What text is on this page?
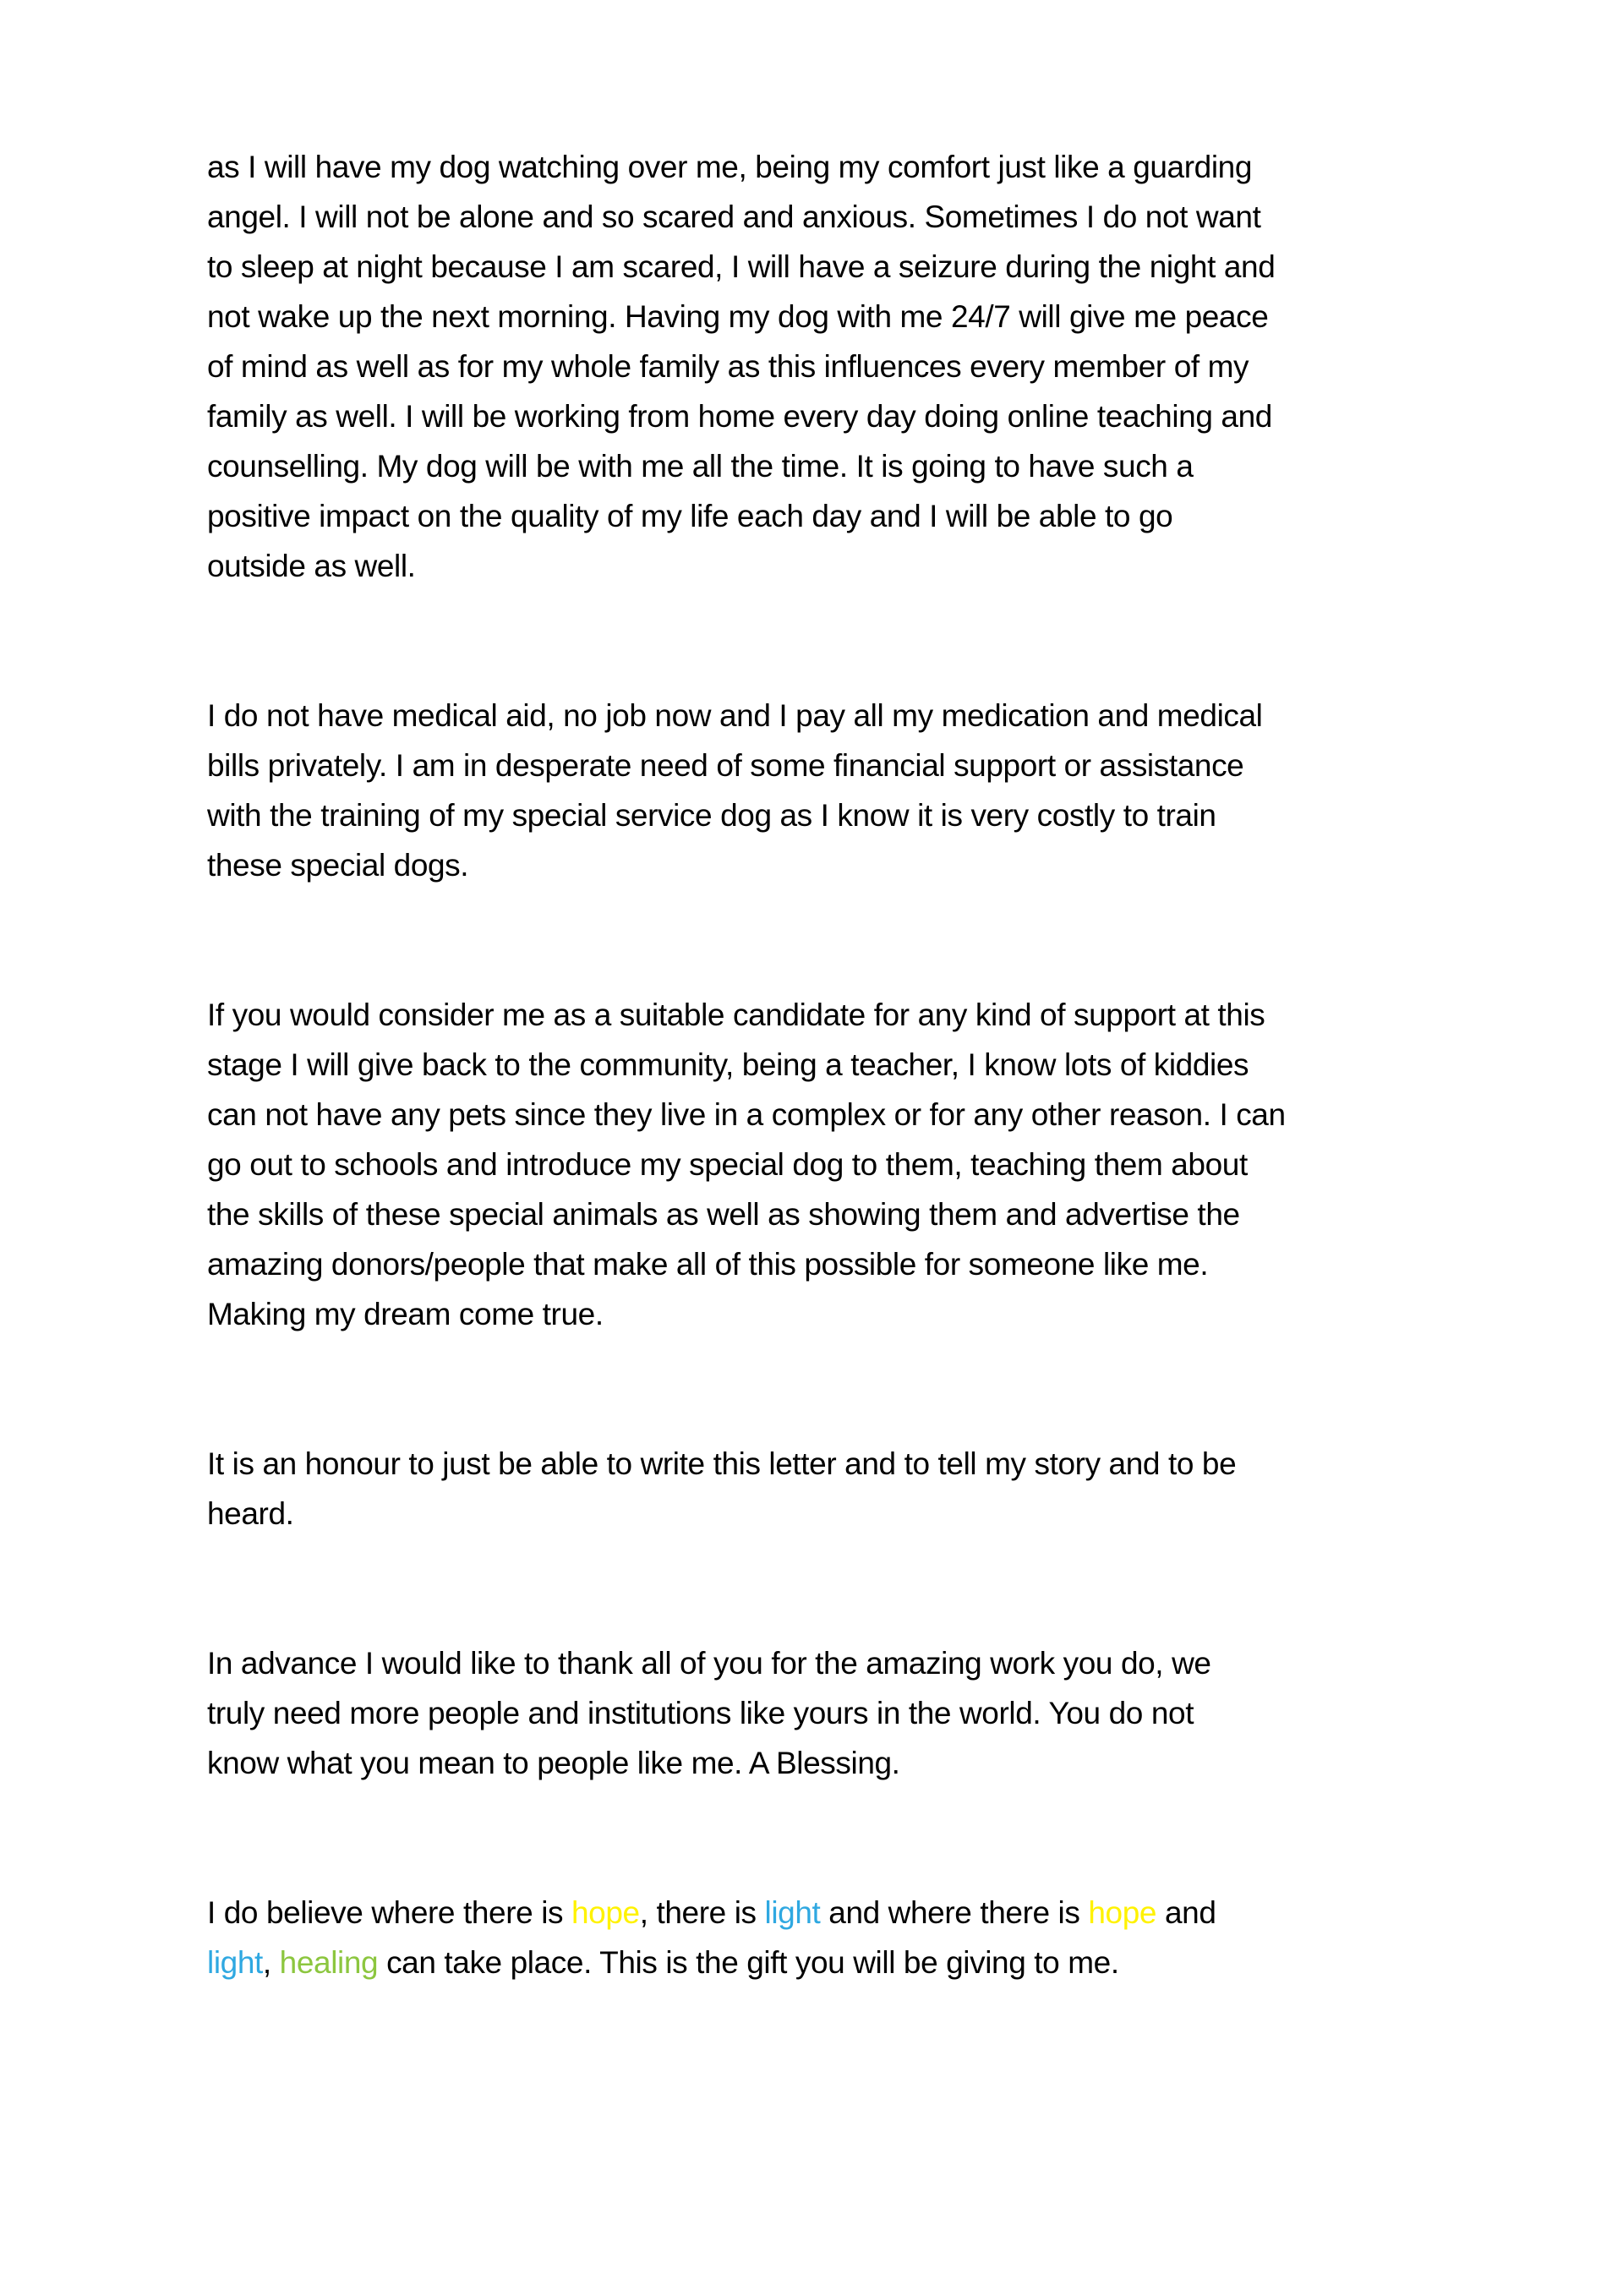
as I will have my dog watching over me, being my comfort just like a guarding
angel. I will not be alone and so scared and anxious. Sometimes I do not want
to sleep at night because I am scared, I will have a seizure during the night and
not wake up the next morning. Having my dog with me 24/7 will give me peace
of mind as well as for my whole family as this influences every member of my
family as well. I will be working from home every day doing online teaching and
counselling. My dog will be with me all the time. It is going to have such a
positive impact on the quality of my life each day and I will be able to go
outside as well.
I do not have medical aid, no job now and I pay all my medication and medical
bills privately. I am in desperate need of some financial support or assistance
with the training of my special service dog as I know it is very costly to train
these special dogs.
If you would consider me as a suitable candidate for any kind of support at this
stage I will give back to the community, being a teacher, I know lots of kiddies
can not have any pets since they live in a complex or for any other reason. I can
go out to schools and introduce my special dog to them, teaching them about
the skills of these special animals as well as showing them and advertise the
amazing donors/people that make all of this possible for someone like me.
Making my dream come true.
It is an honour to just be able to write this letter and to tell my story and to be
heard.
In advance I would like to thank all of you for the amazing work you do, we
truly need more people and institutions like yours in the world. You do not
know what you mean to people like me. A Blessing.
I do believe where there is hope, there is light and where there is hope and
light, healing can take place. This is the gift you will be giving to me.
